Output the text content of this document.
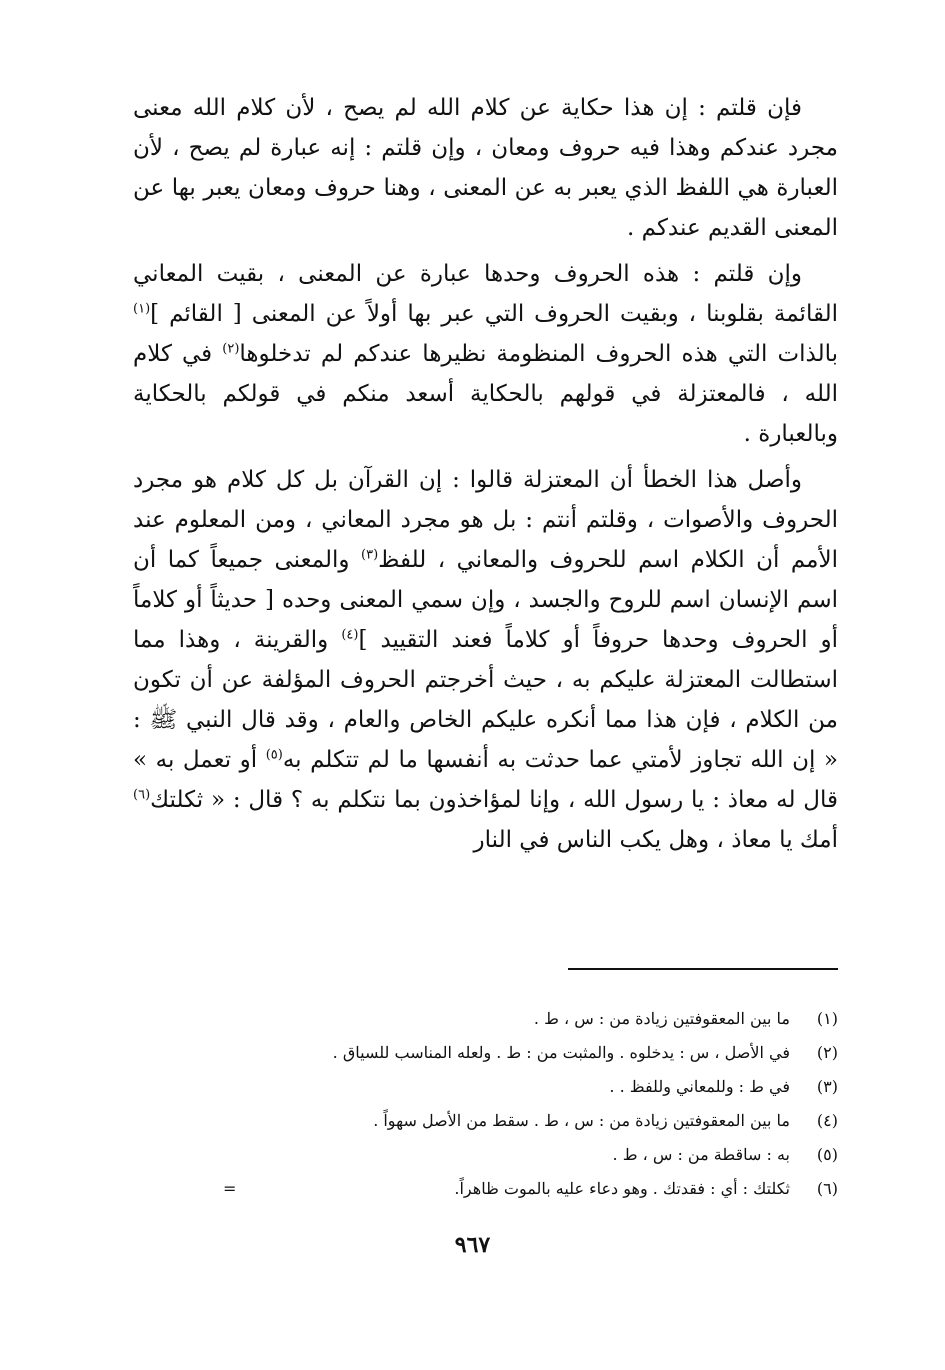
فإن قلتم : إن هذا حكاية عن كلام الله لم يصح ، لأن كلام الله معنى مجرد عندكم وهذا فيه حروف ومعان ، وإن قلتم : إنه عبارة لم يصح ، لأن العبارة هي اللفظ الذي يعبر به عن المعنى ، وهنا حروف ومعان يعبر بها عن المعنى القديم عندكم .

وإن قلتم : هذه الحروف وحدها عبارة عن المعنى ، بقيت المعاني القائمة بقلوبنا ، وبقيت الحروف التي عبر بها أولاً عن المعنى [ القائم ]$^{(١)}$ بالذات التي هذه الحروف المنظومة نظيرها عندكم لم تدخلوها$^{(٢)}$ في كلام الله ، فالمعتزلة في قولهم بالحكاية أسعد منكم في قولكم بالحكاية وبالعبارة .

وأصل هذا الخطأ أن المعتزلة قالوا : إن القرآن بل كل كلام هو مجرد الحروف والأصوات ، وقلتم أنتم : بل هو مجرد المعاني ، ومن المعلوم عند الأمم أن الكلام اسم للحروف والمعاني ، للفظ$^{(٣)}$ والمعنى جميعاً كما أن اسم الإنسان اسم للروح والجسد ، وإن سمي المعنى وحده [ حديثاً أو كلاماً أو الحروف وحدها حروفاً أو كلاماً فعند التقييد ]$^{(٤)}$ والقرينة ، وهذا مما استطالت المعتزلة عليكم به ، حيث أخرجتم الحروف المؤلفة عن أن تكون من الكلام ، فإن هذا مما أنكره عليكم الخاص والعام ، وقد قال النبي ﷺ : « إن الله تجاوز لأمتي عما حدثت به أنفسها ما لم تتكلم به$^{(٥)}$ أو تعمل به » قال له معاذ : يا رسول الله ، وإنا لمؤاخذون بما نتكلم به ؟ قال : « ثكلتك$^{(٦)}$ أمك يا معاذ ، وهل يكب الناس في النار

(١)
ما بين المعقوفتين زيادة من : س ، ط .
(٢)
في الأصل ، س : يدخلوه . والمثبت من : ط . ولعله المناسب للسياق .
(٣)
في ط : وللمعاني وللفظ . .
(٤)
ما بين المعقوفتين زيادة من : س ، ط . سقط من الأصل سهواً .
(٥)
به : ساقطة من : س ، ط .
(٦)
ثكلتك : أي : فقدتك . وهو دعاء عليه بالموت ظاهراً.
=
٩٦٧
